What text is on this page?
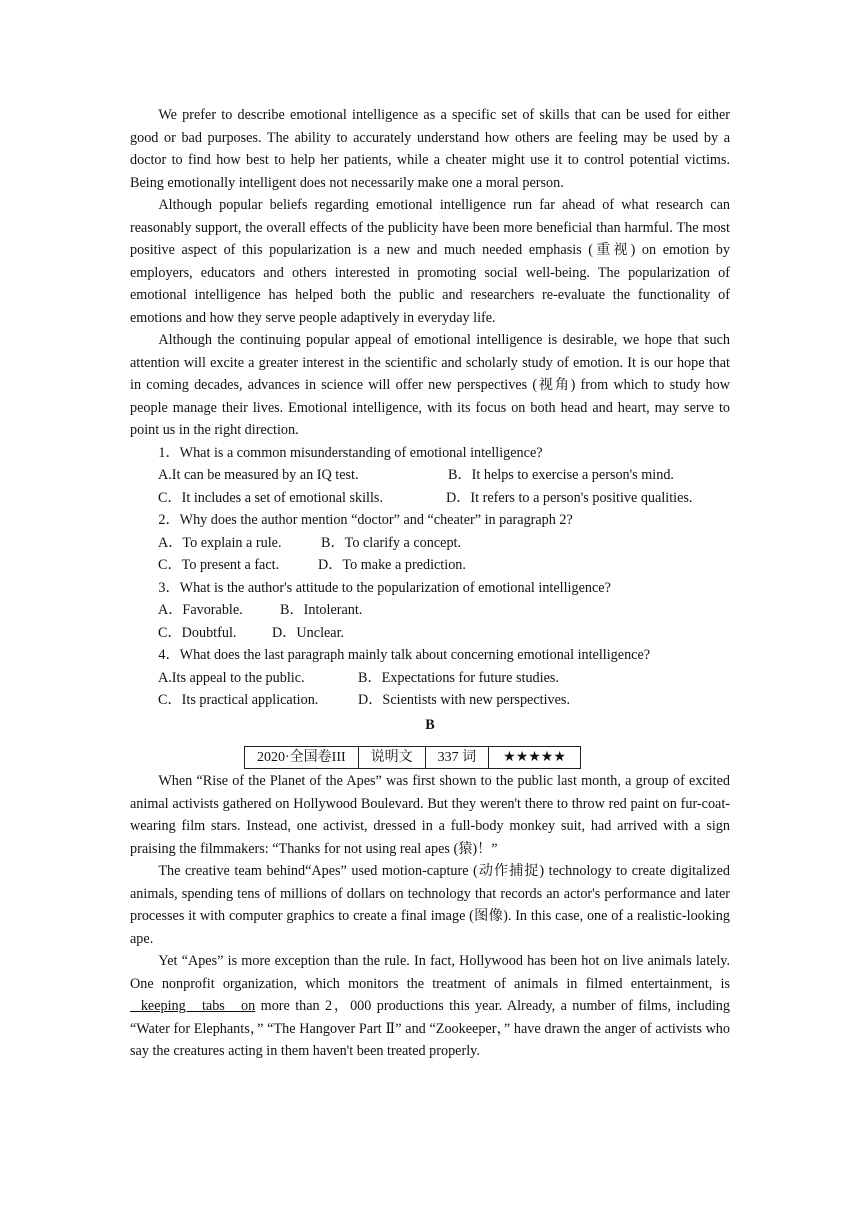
We prefer to describe emotional intelligence as a specific set of skills that can be used for either good or bad purposes. The ability to accurately understand how others are feeling may be used by a doctor to find how best to help her patients, while a cheater might use it to control potential victims. Being emotionally intelligent does not necessarily make one a moral person.

Although popular beliefs regarding emotional intelligence run far ahead of what research can reasonably support, the overall effects of the publicity have been more beneficial than harmful. The most positive aspect of this popularization is a new and much needed emphasis (重视) on emotion by employers, educators and others interested in promoting social well-being. The popularization of emotional intelligence has helped both the public and researchers re-evaluate the functionality of emotions and how they serve people adaptively in everyday life.

Although the continuing popular appeal of emotional intelligence is desirable, we hope that such attention will excite a greater interest in the scientific and scholarly study of emotion. It is our hope that in coming decades, advances in science will offer new perspectives (视角) from which to study how people manage their lives. Emotional intelligence, with its focus on both head and heart, may serve to point us in the right direction.

1．What is a common misunderstanding of emotional intelligence?

A.It can be measured by an IQ test.	B．It helps to exercise a person's mind.
C．It includes a set of emotional skills.	D．It refers to a person's positive qualities.

2．Why does the author mention “doctor” and “cheater” in paragraph 2?

A．To explain a rule.	B．To clarify a concept.
C．To present a fact.	D．To make a prediction.

3．What is the author's attitude to the popularization of emotional intelligence?

A．Favorable.	B．Intolerant.
C．Doubtful.	D．Unclear.

4．What does the last paragraph mainly talk about concerning emotional intelligence?

A.Its appeal to the public.	B．Expectations for future studies.
C．Its practical application.	D．Scientists with new perspectives.

B

2020·全国卷III	说明文	337 词	★★★★★

When “Rise of the Planet of the Apes” was first shown to the public last month, a group of excited animal activists gathered on Hollywood Boulevard. But they weren't there to throw red paint on fur-coat- wearing film stars. Instead, one activist, dressed in a full-body monkey suit, had arrived with a sign praising the filmmakers: “Thanks for not using real apes (猿)！”

The creative team behind“Apes” used motion-capture (动作捕捉) technology to create digitalized animals, spending tens of millions of dollars on technology that records an actor's performance and later processes it with computer graphics to create a final image (图像). In this case, one of a realistic-looking ape.

Yet “Apes” is more exception than the rule. In fact, Hollywood has been hot on live animals lately. One nonprofit organization, which monitors the treatment of animals in filmed entertainment, is  keeping   tabs   on more than 2，000 productions this year. Already, a number of films, including “Water for Elephants，” “The Hangover Part Ⅱ” and “Zookeeper，” have drawn the anger of activists who say the creatures acting in them haven't been treated properly.
